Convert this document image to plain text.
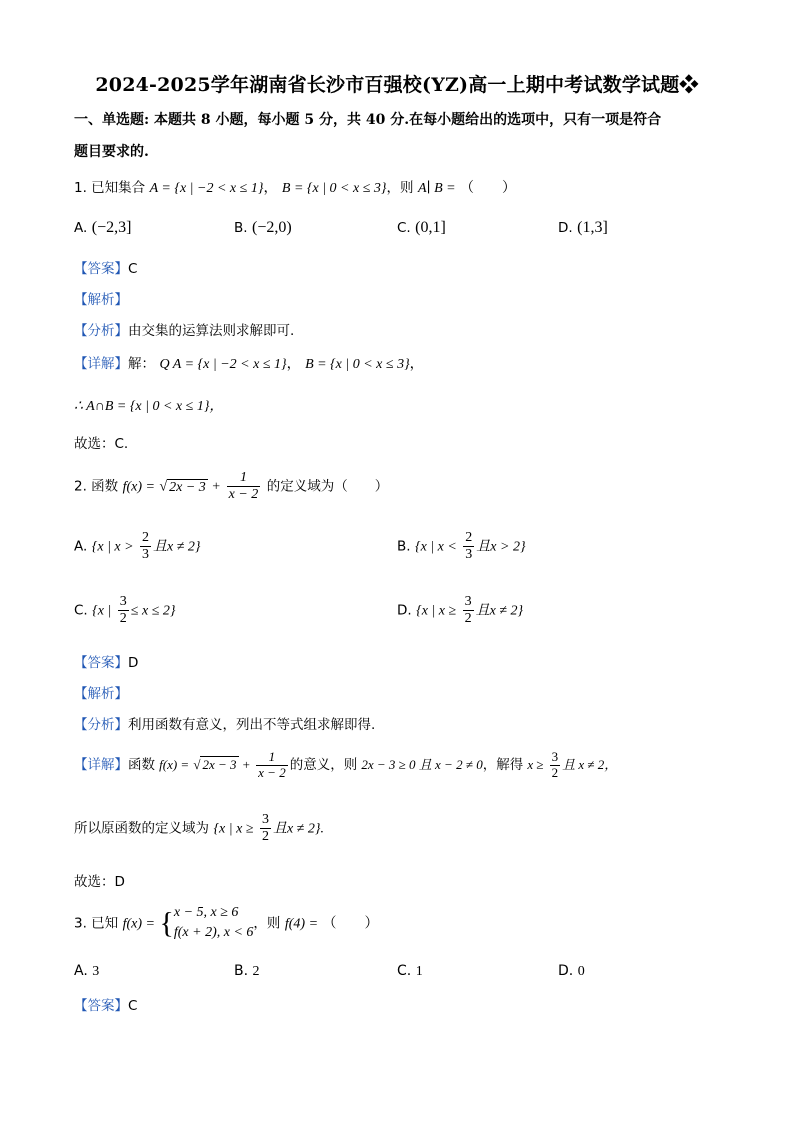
2024-2025学年湖南省长沙市百强校(YZ)高一上期中考试数学试题❖
一、单选题: 本题共 8 小题，每小题 5 分，共 40 分.在每小题给出的选项中，只有一项是符合
题目要求的.
1. 已知集合 A = {x | −2 < x ≤ 1}， B = {x | 0 < x ≤ 3}，则 A∣ B = （　　）
A. (−2,3]	B. (−2,0)	C. (0,1]	D. (1,3]
【答案】C
【解析】
【分析】由交集的运算法则求解即可.
【详解】解： Q A = {x | −2 < x ≤ 1}， B = {x | 0 < x ≤ 3}，
∴ A∩B = {x | 0 < x ≤ 1}，
故选：C.
2. 函数 f(x) = √ $2x - 3 + \frac{1}{x - 2}$ 的定义域为（　　）
A. {x | $x > \frac{2}{3}$ 且x ≠ 2}	B. {x | $x < \frac{2}{3}$ 且x > 2}
C. {x | $\frac{3}{2} \le x \le 2$}	D. {x | $x \ge \frac{3}{2}$ 且x ≠ 2}
【答案】D
【解析】
【分析】利用函数有意义，列出不等式组求解即得.
【详解】函数 f(x) = √ $2x - 3 + \frac{1}{x - 2}$ 的意义，则 2x − 3 ≥ 0 且 x − 2 ≠ 0，解得 $x \ge \frac{3}{2}$ 且 x ≠ 2，
所以原函数的定义域为 {x | $x \ge \frac{3}{2}$ 且x ≠ 2}.
故选：D
3. 已知 f(x) = { x − 5, x ≥ 6
f(x + 2), x < 6
，则 f(4) = （　　）
A. 3	B. 2	C. 1	D. 0
【答案】C
